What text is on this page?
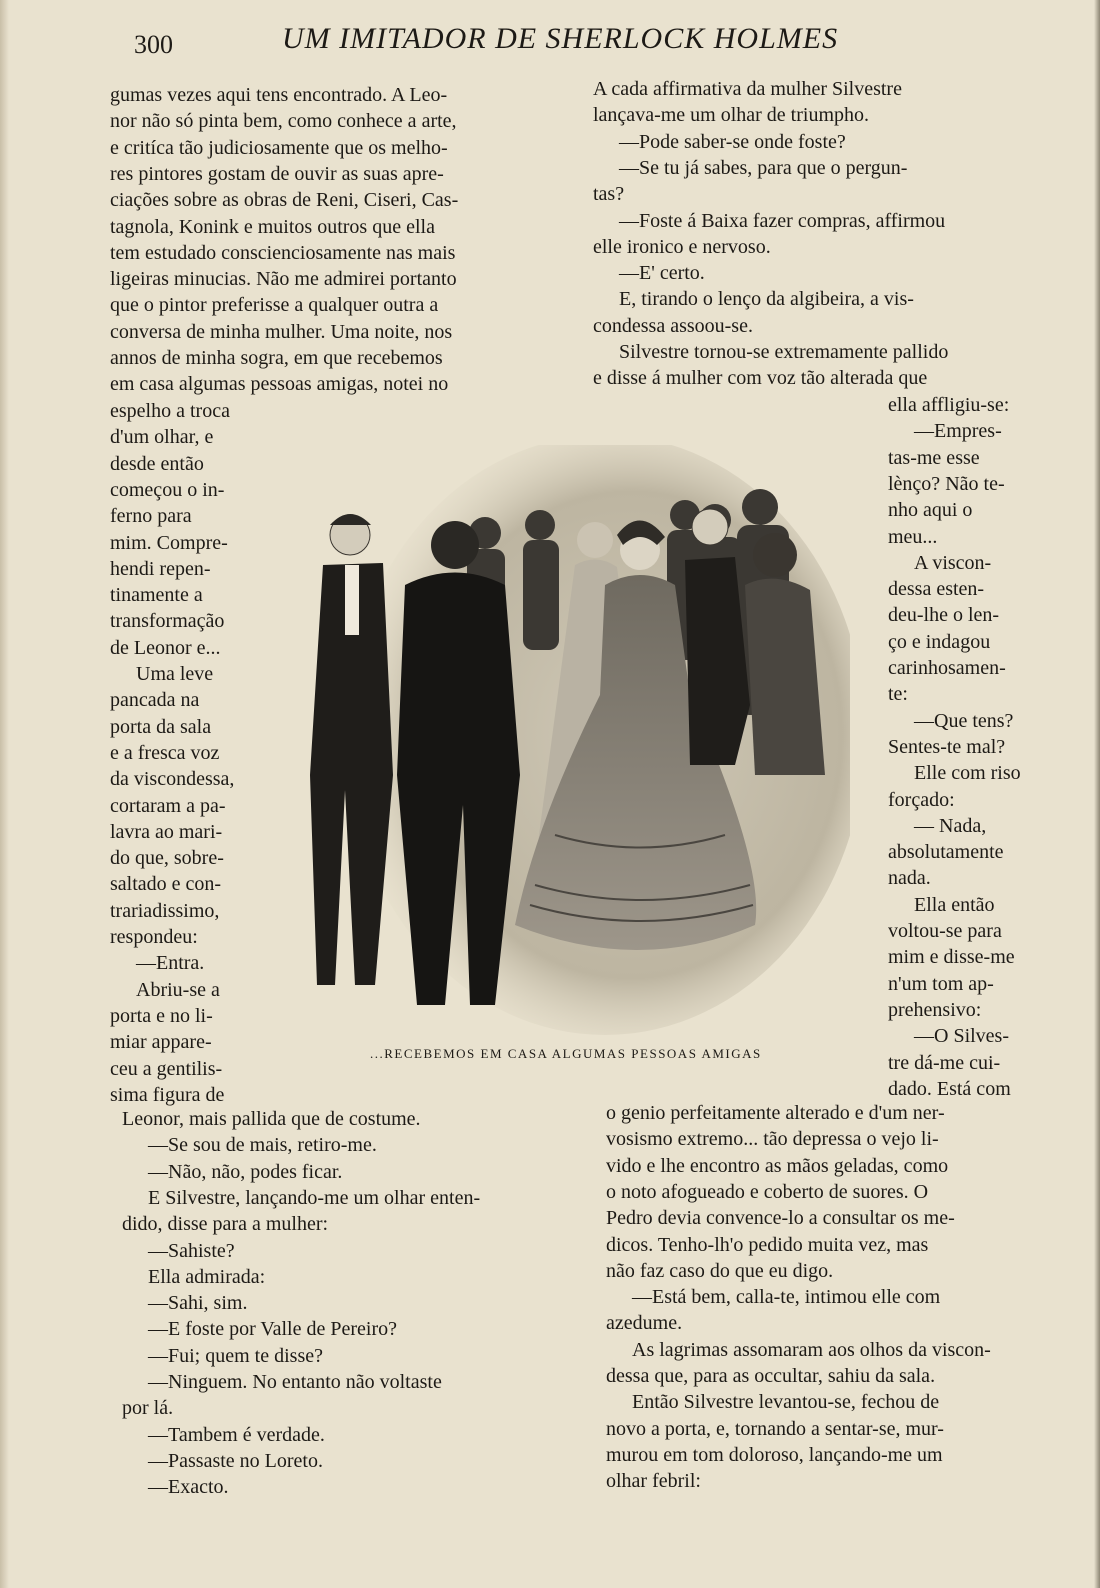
300	UM IMITADOR DE SHERLOCK HOLMES
gumas vezes aqui tens encontrado. A Leo-
nor não só pinta bem, como conhece a arte,
e critíca tão judiciosamente que os melho-
res pintores gostam de ouvir as suas apre-
ciações sobre as obras de Reni, Ciseri, Cas-
tagnola, Konink e muitos outros que ella
tem estudado conscienciosamente nas mais
ligeiras minucias. Não me admirei portanto
que o pintor preferisse a qualquer outra a
conversa de minha mulher. Uma noite, nos
annos de minha sogra, em que recebemos
em casa algumas pessoas amigas, notei no
espelho a troca
d'um olhar, e
desde então
começou o in-
ferno para
mim. Compre-
hendi repen-
tinamente a
transformação
de Leonor e...
Uma leve
pancada na
porta da sala
e a fresca voz
da viscondessa,
cortaram a pa-
lavra ao mari-
do que, sobre-
saltado e con-
trariadissimo,
respondeu:
—Entra.
Abriu-se a
porta e no li-
miar appare-
ceu a gentilis-
sima figura de
Leonor, mais pallida que de costume.
—Se sou de mais, retiro-me.
—Não, não, podes ficar.
E Silvestre, lançando-me um olhar enten-
dido, disse para a mulher:
—Sahiste?
Ella admirada:
—Sahi, sim.
—E foste por Valle de Pereiro?
—Fui; quem te disse?
—Ninguem. No entanto não voltaste
por lá.
—Tambem é verdade.
—Passaste no Loreto.
—Exacto.
A cada affirmativa da mulher Silvestre
lançava-me um olhar de triumpho.
—Pode saber-se onde foste?
—Se tu já sabes, para que o pergun-
tas?
—Foste á Baixa fazer compras, affirmou
elle ironico e nervoso.
—E' certo.
E, tirando o lenço da algibeira, a vis-
condessa assoou-se.
Silvestre tornou-se extremamente pallido
e disse á mulher com voz tão alterada que
ella affligiu-se:
—Empres-
tas-me esse
lènço? Não te-
nho aqui o
meu...
A viscon-
dessa esten-
deu-lhe o len-
ço e indagou
carinhosamen-
te:
—Que tens?
Sentes-te mal?
Elle com riso
forçado:
— Nada,
absolutamente
nada.
Ella então
voltou-se para
mim e disse-me
n'um tom ap-
prehensivo:
—O Silves-
tre dá-me cui-
dado. Está com
o genio perfeitamente alterado e d'um ner-
vosismo extremo... tão depressa o vejo li-
vido e lhe encontro as mãos geladas, como
o noto afogueado e coberto de suores. O
Pedro devia convence-lo a consultar os me-
dicos. Tenho-lh'o pedido muita vez, mas
não faz caso do que eu digo.
—Está bem, calla-te, intimou elle com
azedume.
As lagrimas assomaram aos olhos da viscon-
dessa que, para as occultar, sahiu da sala.
Então Silvestre levantou-se, fechou de
novo a porta, e, tornando a sentar-se, mur-
murou em tom doloroso, lançando-me um
olhar febril:
...RECEBEMOS EM CASA ALGUMAS PESSOAS AMIGAS
